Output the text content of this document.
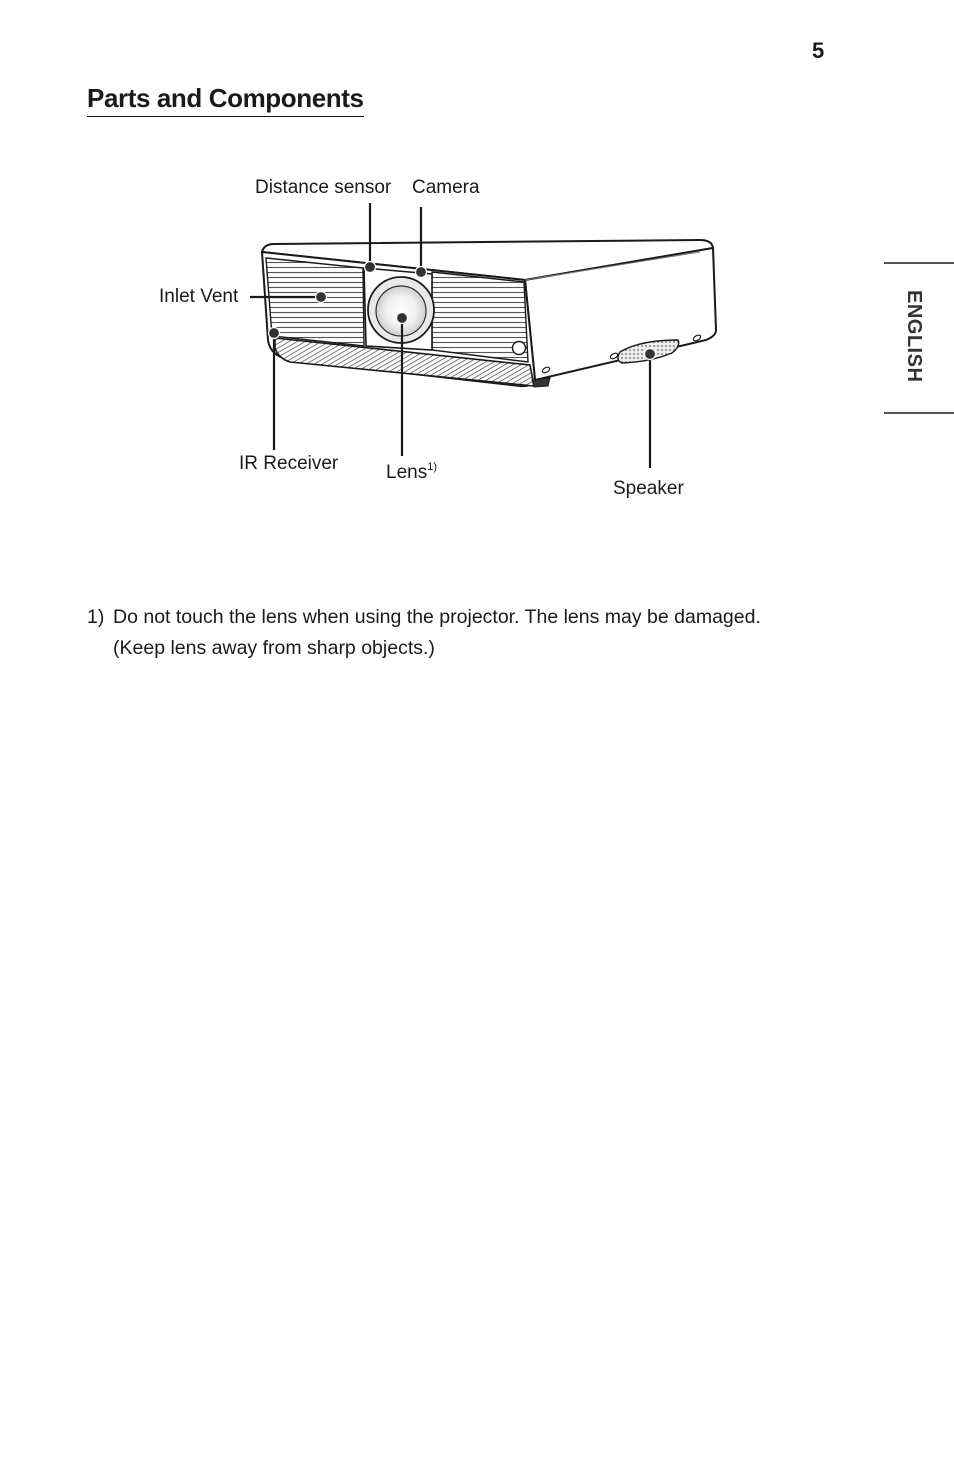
5
Parts and Components
ENGLISH
Distance sensor Camera
Inlet Vent
IR Receiver	Lens$^{1)}$
Speaker
1) Do not touch the lens when using the projector. The lens may be damaged. (Keep lens away from sharp objects.)
